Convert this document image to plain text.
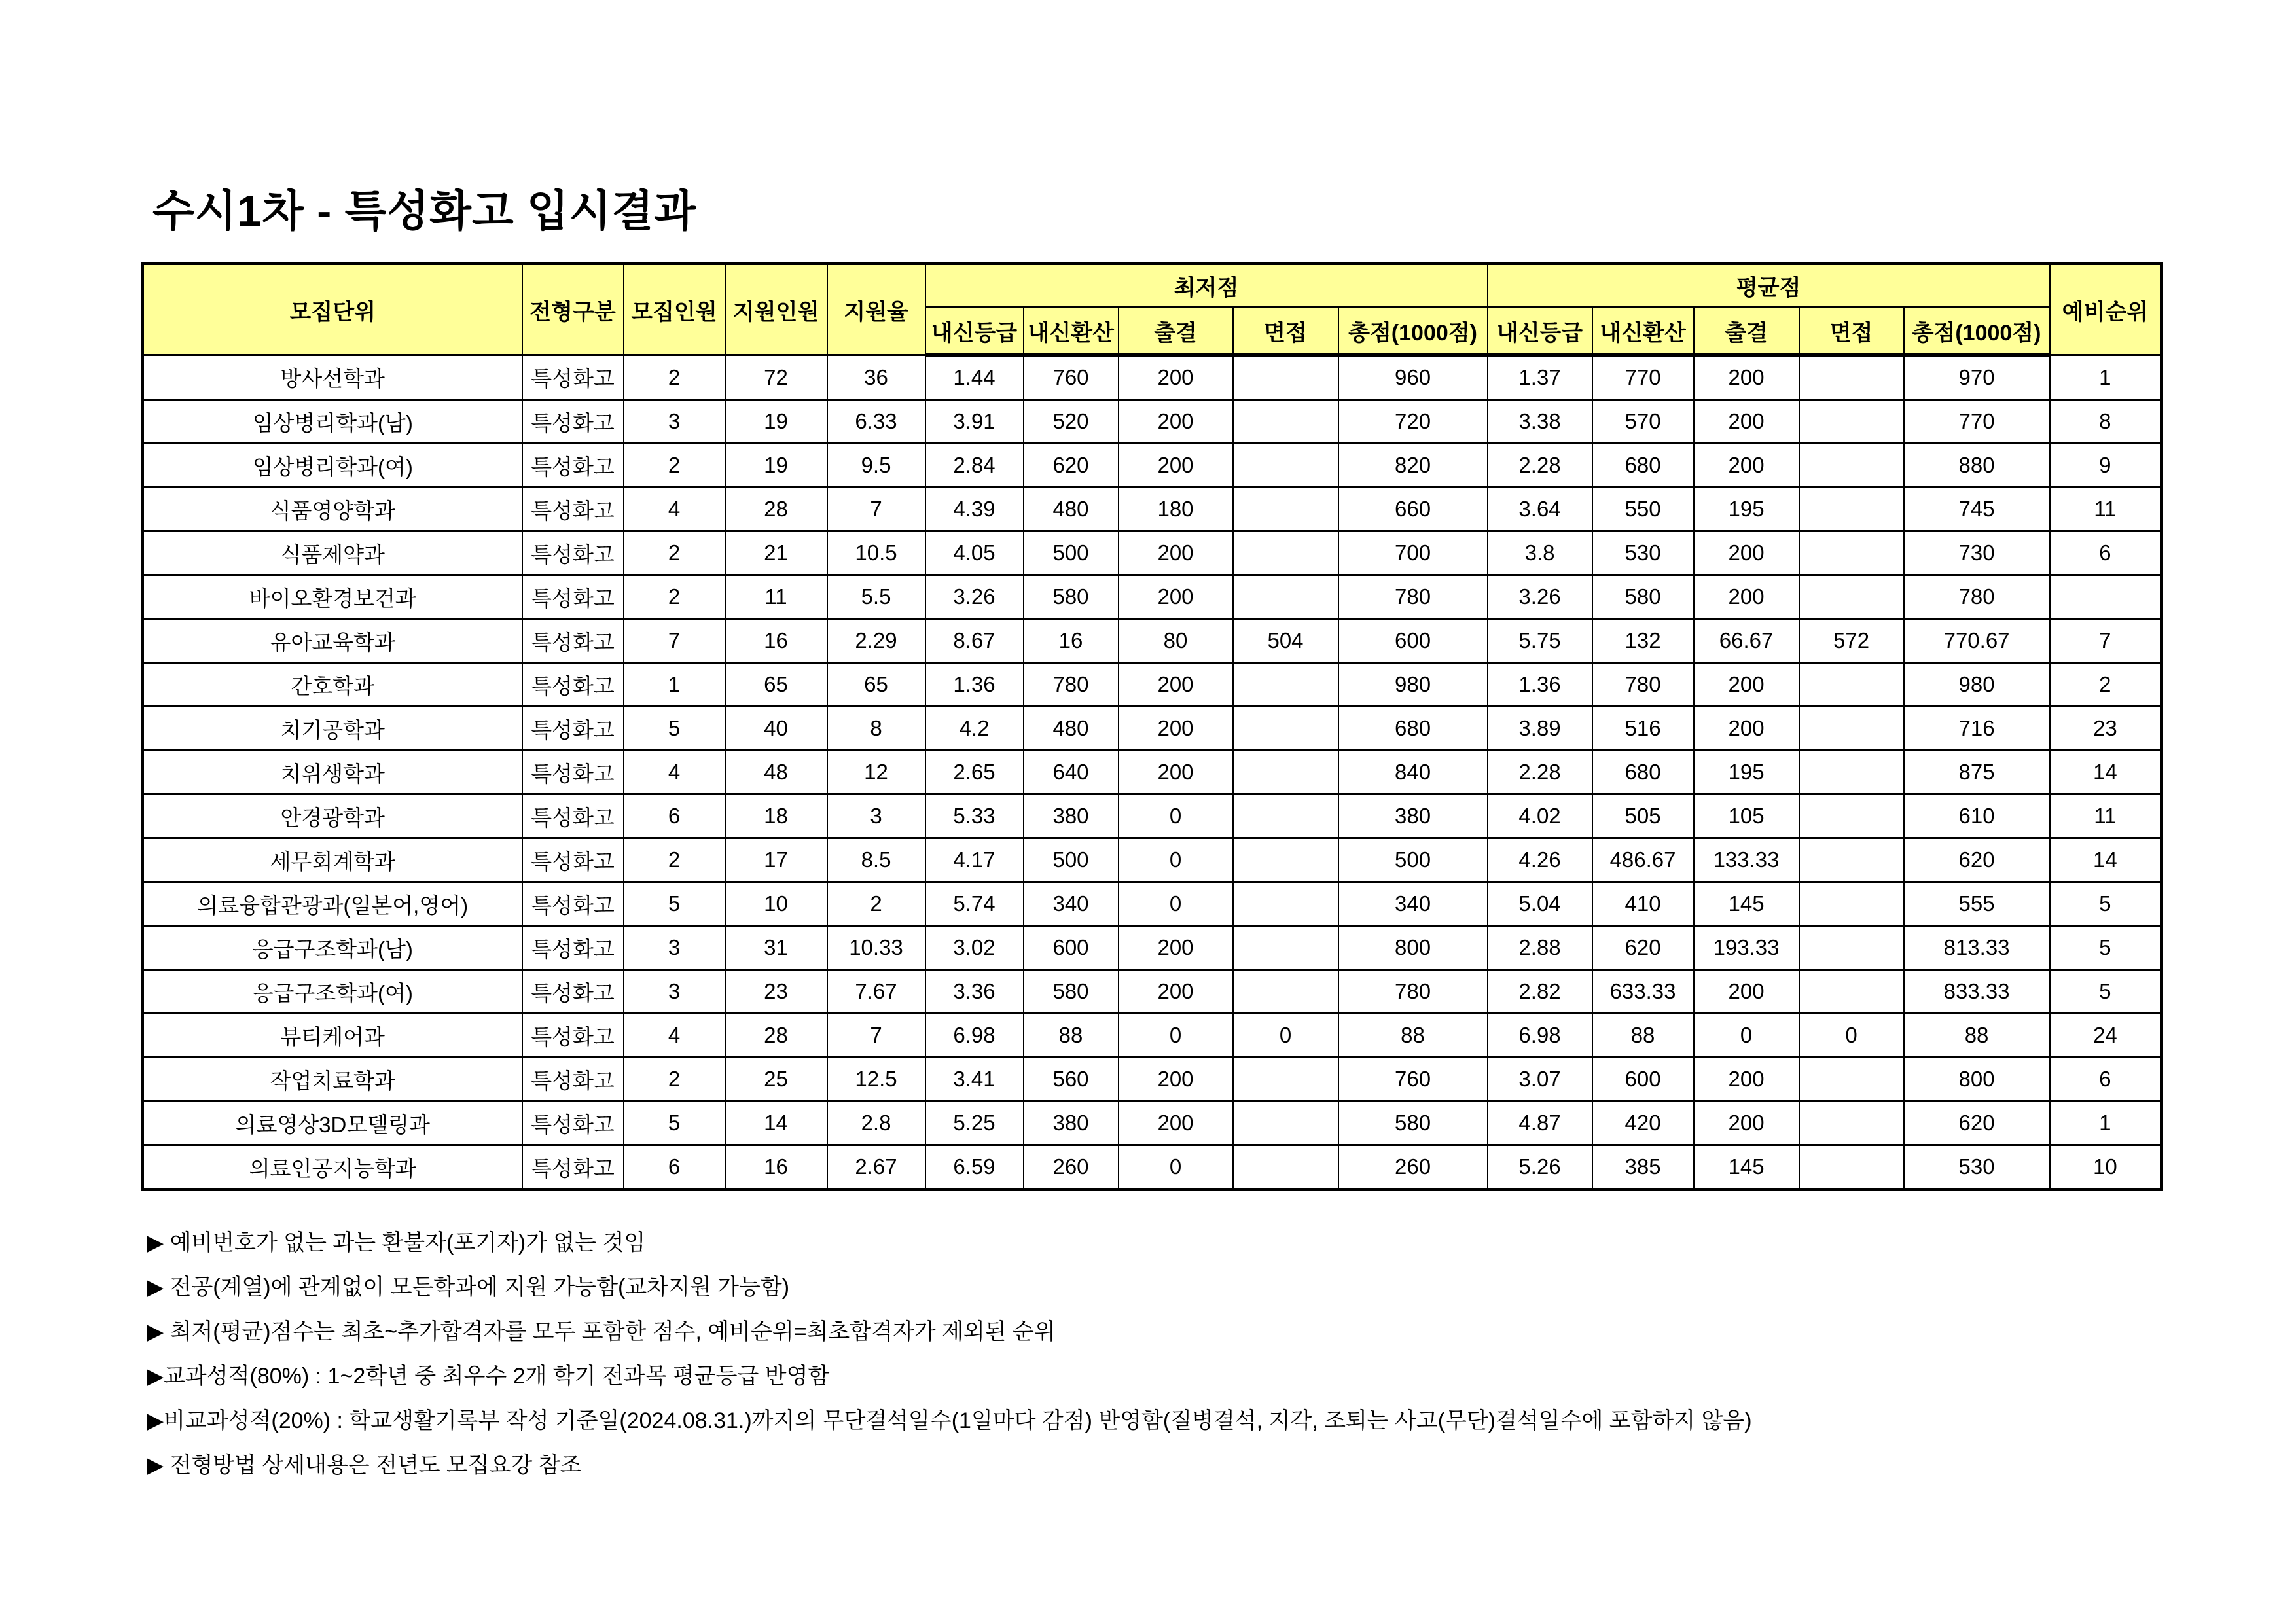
수시1차 - 특성화고 입시결과
모집단위	전형구분	모집인원	지원인원	지원율	최저점					평균점					예비순위
					내신등급	내신환산	출결	면접	총점(1000점)	내신등급	내신환산	출결	면접	총점(1000점)	
방사선학과	특성화고	2	72	36	1.44	760	200		960	1.37	770	200		970	1
임상병리학과(남)	특성화고	3	19	6.33	3.91	520	200		720	3.38	570	200		770	8
임상병리학과(여)	특성화고	2	19	9.5	2.84	620	200		820	2.28	680	200		880	9
식품영양학과	특성화고	4	28	7	4.39	480	180		660	3.64	550	195		745	11
식품제약과	특성화고	2	21	10.5	4.05	500	200		700	3.8	530	200		730	6
바이오환경보건과	특성화고	2	11	5.5	3.26	580	200		780	3.26	580	200		780	
유아교육학과	특성화고	7	16	2.29	8.67	16	80	504	600	5.75	132	66.67	572	770.67	7
간호학과	특성화고	1	65	65	1.36	780	200		980	1.36	780	200		980	2
치기공학과	특성화고	5	40	8	4.2	480	200		680	3.89	516	200		716	23
치위생학과	특성화고	4	48	12	2.65	640	200		840	2.28	680	195		875	14
안경광학과	특성화고	6	18	3	5.33	380	0		380	4.02	505	105		610	11
세무회계학과	특성화고	2	17	8.5	4.17	500	0		500	4.26	486.67	133.33		620	14
의료융합관광과(일본어,영어)	특성화고	5	10	2	5.74	340	0		340	5.04	410	145		555	5
응급구조학과(남)	특성화고	3	31	10.33	3.02	600	200		800	2.88	620	193.33		813.33	5
응급구조학과(여)	특성화고	3	23	7.67	3.36	580	200		780	2.82	633.33	200		833.33	5
뷰티케어과	특성화고	4	28	7	6.98	88	0	0	88	6.98	88	0	0	88	24
작업치료학과	특성화고	2	25	12.5	3.41	560	200		760	3.07	600	200		800	6
의료영상3D모델링과	특성화고	5	14	2.8	5.25	380	200		580	4.87	420	200		620	1
의료인공지능학과	특성화고	6	16	2.67	6.59	260	0		260	5.26	385	145		530	10
▶ 예비번호가 없는 과는 환불자(포기자)가 없는 것임
▶ 전공(계열)에 관계없이 모든학과에 지원 가능함(교차지원 가능함)
▶ 최저(평균)점수는 최초~추가합격자를 모두 포함한 점수, 예비순위=최초합격자가 제외된 순위
▶교과성적(80%) : 1~2학년 중 최우수 2개 학기 전과목 평균등급 반영함
▶비교과성적(20%) : 학교생활기록부 작성 기준일(2024.08.31.)까지의 무단결석일수(1일마다 감점) 반영함(질병결석, 지각, 조퇴는 사고(무단)결석일수에 포함하지 않음)
▶ 전형방법 상세내용은 전년도 모집요강 참조
